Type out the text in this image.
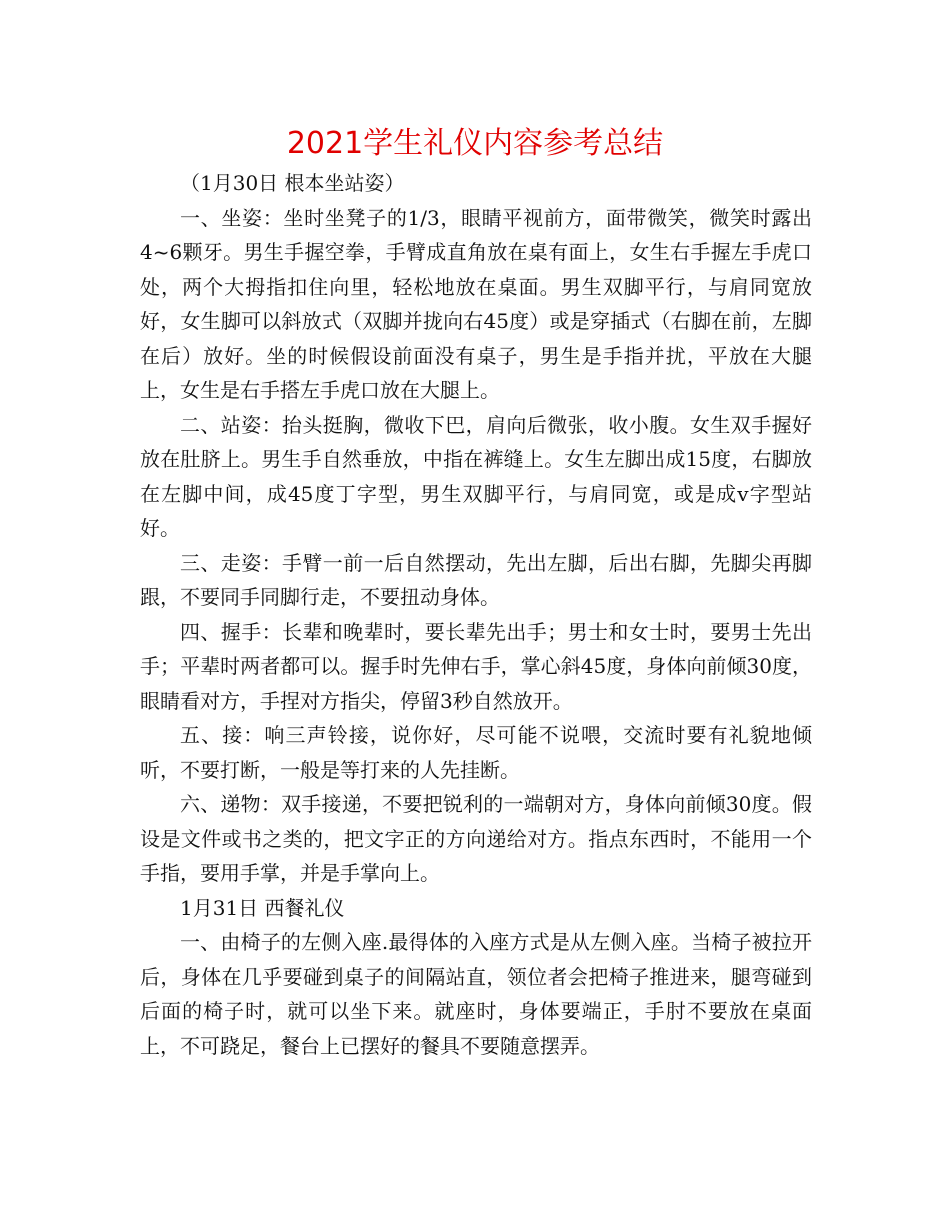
2021学生礼仪内容参考总结

（1月30日 根本坐站姿）

一、坐姿：坐时坐凳子的1/3，眼睛平视前方，面带微笑，微笑时露出4~6颗牙。男生手握空拳，手臂成直角放在桌有面上，女生右手握左手虎口处，两个大拇指扣住向里，轻松地放在桌面。男生双脚平行，与肩同宽放好，女生脚可以斜放式（双脚并拢向右45度）或是穿插式（右脚在前，左脚在后）放好。坐的时候假设前面没有桌子，男生是手指并扰，平放在大腿上，女生是右手搭左手虎口放在大腿上。

二、站姿：抬头挺胸，微收下巴，肩向后微张，收小腹。女生双手握好放在肚脐上。男生手自然垂放，中指在裤缝上。女生左脚出成15度，右脚放在左脚中间，成45度丁字型，男生双脚平行，与肩同宽，或是成v字型站好。

三、走姿：手臂一前一后自然摆动，先出左脚，后出右脚，先脚尖再脚跟，不要同手同脚行走，不要扭动身体。

四、握手：长辈和晚辈时，要长辈先出手；男士和女士时，要男士先出手；平辈时两者都可以。握手时先伸右手，掌心斜45度，身体向前倾30度，眼睛看对方，手捏对方指尖，停留3秒自然放开。

五、接：响三声铃接，说你好，尽可能不说喂，交流时要有礼貌地倾听，不要打断，一般是等打来的人先挂断。

六、递物：双手接递，不要把锐利的一端朝对方，身体向前倾30度。假设是文件或书之类的，把文字正的方向递给对方。指点东西时，不能用一个手指，要用手掌，并是手掌向上。

1月31日 西餐礼仪

一、由椅子的左侧入座.最得体的入座方式是从左侧入座。当椅子被拉开后，身体在几乎要碰到桌子的间隔站直，领位者会把椅子推进来，腿弯碰到后面的椅子时，就可以坐下来。就座时，身体要端正，手肘不要放在桌面上，不可跷足，餐台上已摆好的餐具不要随意摆弄。
